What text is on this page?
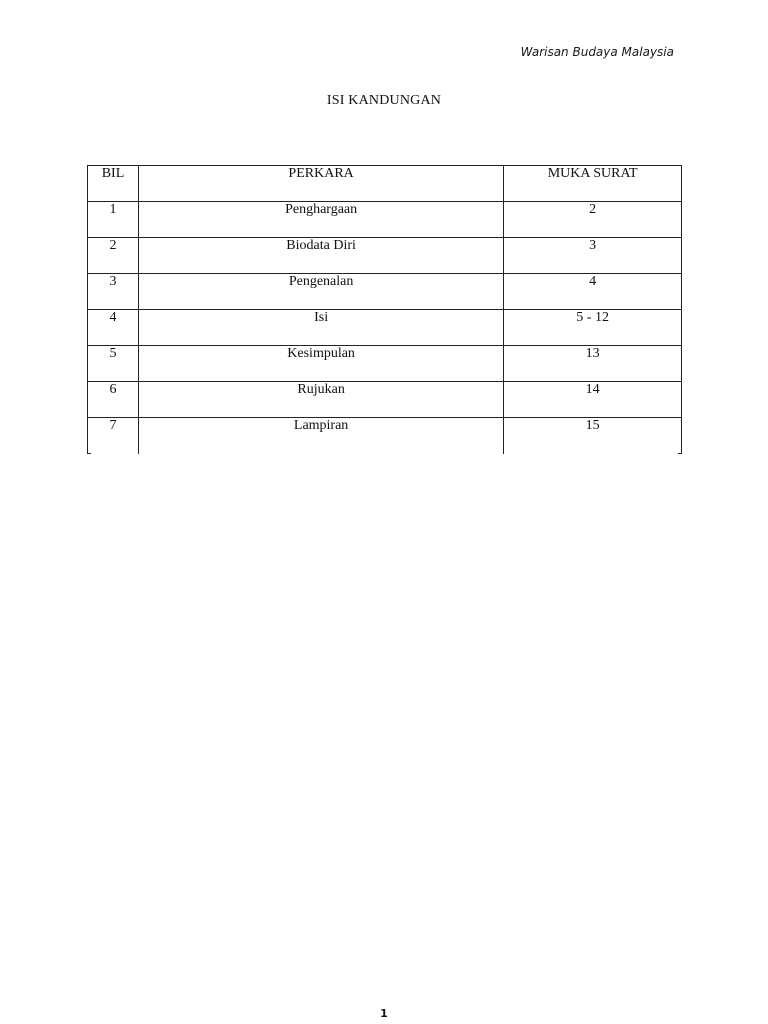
Warisan Budaya Malaysia
ISI KANDUNGAN
BIL	PERKARA	MUKA SURAT

1	Penghargaan	2

2	Biodata Diri	3

3	Pengenalan	4

4	Isi	5 - 12

5	Kesimpulan	13

6	Rujukan	14

7	Lampiran	15
1
